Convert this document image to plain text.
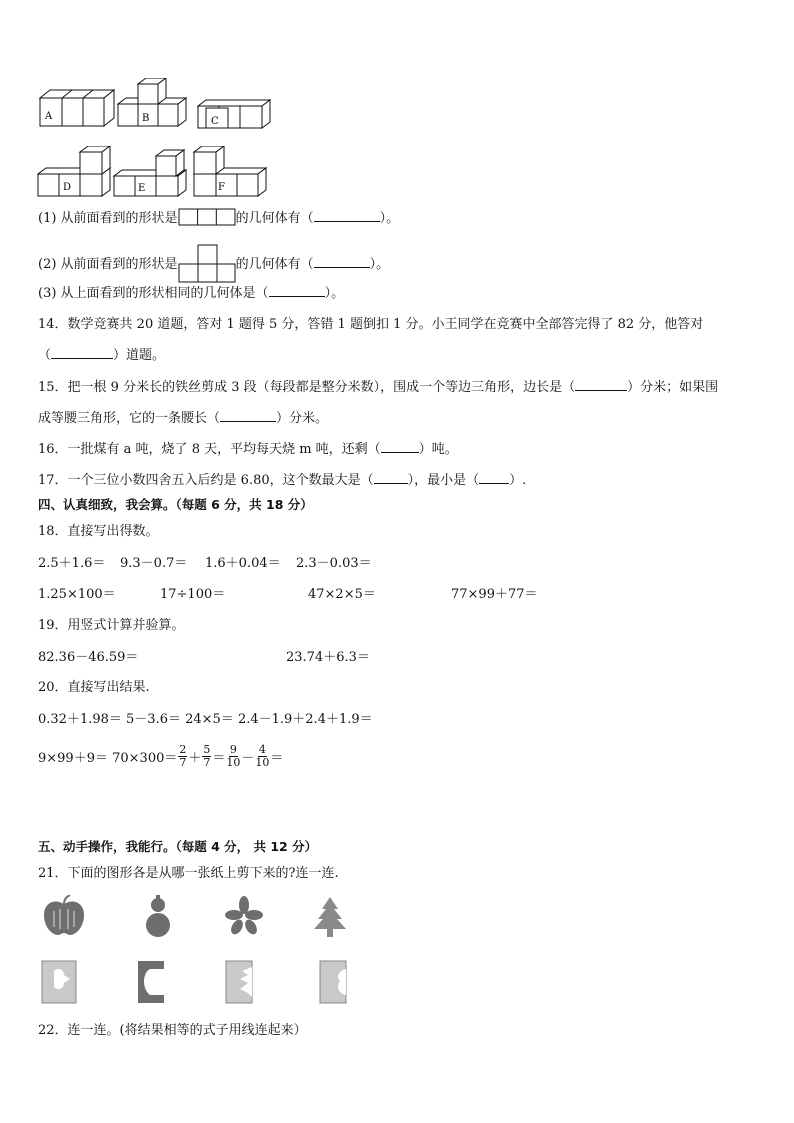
A	B	C
D	E	F
(1) 从前面看到的形状是	的几何体有（	）。
(2) 从前面看到的形状是	的几何体有（	）。
(3) 从上面看到的形状相同的几何体是（	）。
14．数学竞赛共 20 道题，答对 1 题得 5 分，答错 1 题倒扣 1 分。小王同学在竞赛中全部答完得了 82 分，他答对
（	）道题。
15．把一根 9 分米长的铁丝剪成 3 段（每段都是整分米数），围成一个等边三角形，边长是（	）分米；如果围
成等腰三角形，它的一条腰长（	）分米。
16．一批煤有 a 吨，烧了 8 天，平均每天烧 m 吨，还剩（	）吨。
17．一个三位小数四舍五入后约是 6.80，这个数最大是（	），最小是（ ）.
四、认真细致，我会算。（每题 6 分，共 18 分）
18．直接写出得数。
2.5＋1.6＝ 9.3－0.7＝ 1.6＋0.04＝ 2.3－0.03＝
1.25×100＝	17÷100＝	47×2×5＝	77×99＋77＝
19．用竖式计算并验算。
82.36－46.59＝	23.74＋6.3＝
20．直接写出结果.
0.32＋1.98＝ 5－3.6＝ 24×5＝ 2.4－1.9＋2.4＋1.9＝
$9\times 99+9= 70\times 300= \frac{2}{7} + \frac{5}{7} = \frac{9}{10} - \frac{4}{10}$ ＝
五、动手操作，我能行。（每题 4 分， 共 12 分）
21．下面的图形各是从哪一张纸上剪下来的?连一连.
22．连一连。(将结果相等的式子用线连起来）
